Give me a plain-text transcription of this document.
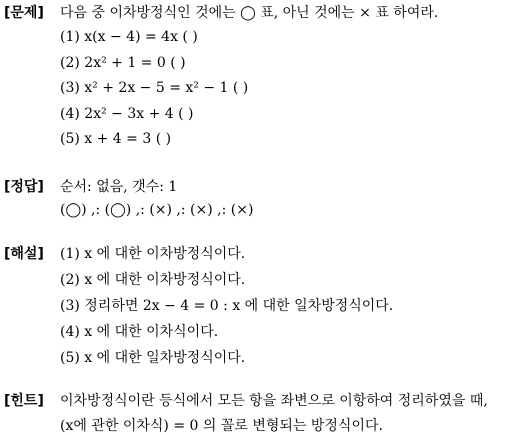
[문제] 다음 중 이차방정식인 것에는 ◯ 표, 아닌 것에는 × 표 하여라.
(1) x(x − 4) = 4x ( )
(2) 2x² + 1 = 0 ( )
(3) x² + 2x − 5 = x² − 1 ( )
(4) 2x² − 3x + 4 ( )
(5) x + 4 = 3 ( )
[정답] 순서: 없음, 갯수: 1
(◯) ,: (◯) ,: (×) ,: (×) ,: (×)
[해설] (1) x 에 대한 이차방정식이다.
(2) x 에 대한 이차방정식이다.
(3) 정리하면 2x − 4 = 0 : x 에 대한 일차방정식이다.
(4) x 에 대한 이차식이다.
(5) x 에 대한 일차방정식이다.
[힌트] 이차방정식이란 등식에서 모든 항을 좌변으로 이항하여 정리하였을 때,
(x에 관한 이차식) = 0 의 꼴로 변형되는 방정식이다.
